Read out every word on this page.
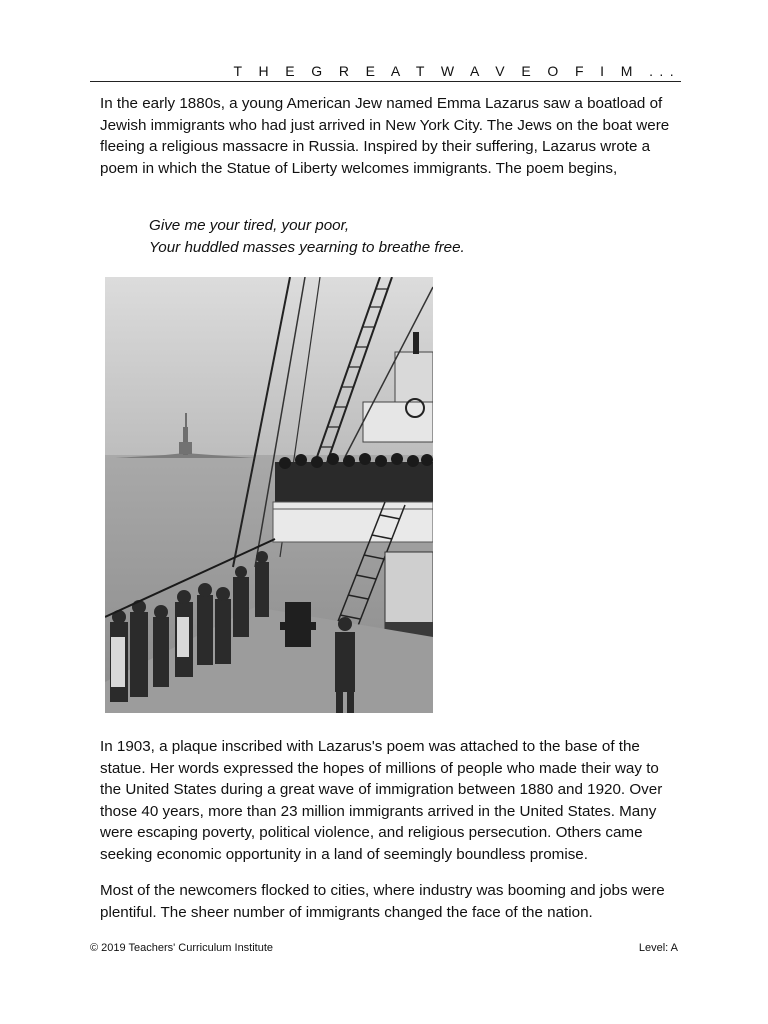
T H E G R E A T W A V E O F I M ...

In the early 1880s, a young American Jew named Emma Lazarus saw a boatload of Jewish immigrants who had just arrived in New York City. The Jews on the boat were fleeing a religious massacre in Russia. Inspired by their suffering, Lazarus wrote a poem in which the Statue of Liberty welcomes immigrants. The poem begins,

Give me your tired, your poor,
Your huddled masses yearning to breathe free.

In 1903, a plaque inscribed with Lazarus's poem was attached to the base of the statue. Her words expressed the hopes of millions of people who made their way to the United States during a great wave of immigration between 1880 and 1920. Over those 40 years, more than 23 million immigrants arrived in the United States. Many were escaping poverty, political violence, and religious persecution. Others came seeking economic opportunity in a land of seemingly boundless promise.

Most of the newcomers flocked to cities, where industry was booming and jobs were plentiful. The sheer number of immigrants changed the face of the nation.

© 2019 Teachers' Curriculum Institute	Level: A
